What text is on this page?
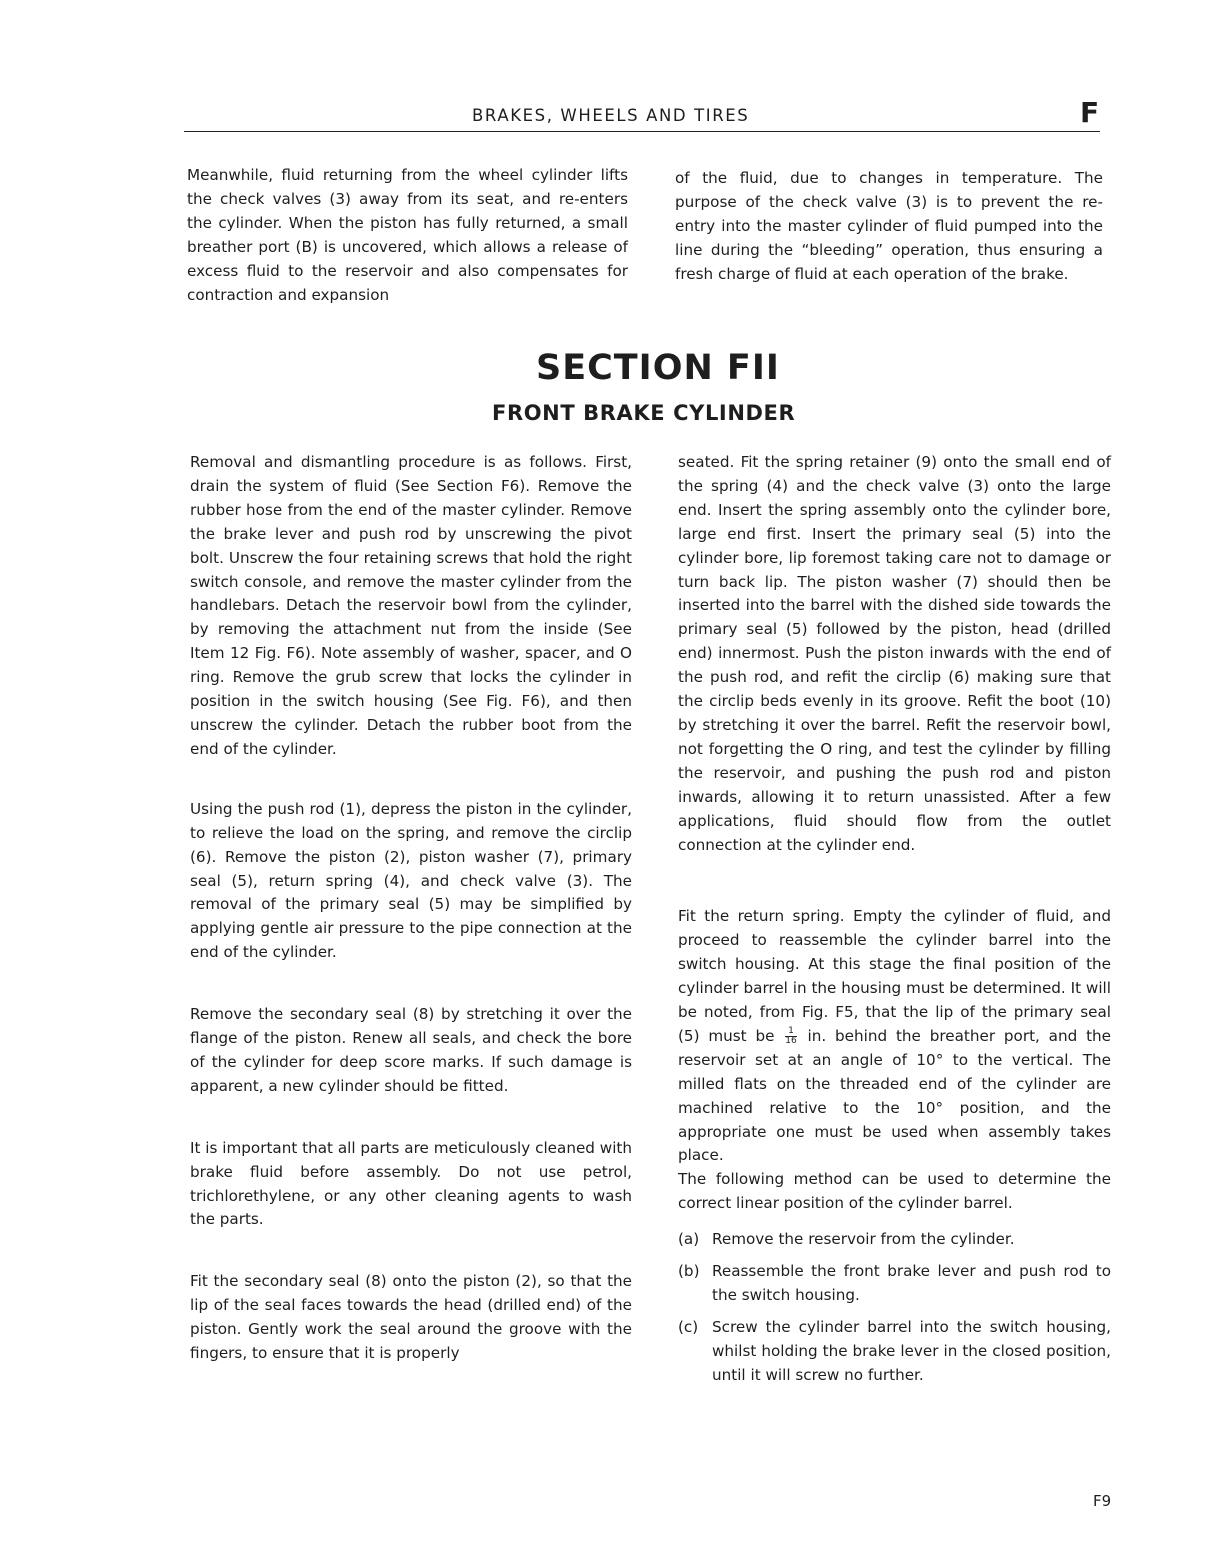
BRAKES, WHEELS AND TIRES	F

Meanwhile, fluid returning from the wheel cylinder lifts the check valves (3) away from its seat, and re-enters the cylinder. When the piston has fully returned, a small breather port (B) is uncovered, which allows a release of excess fluid to the reservoir and also compensates for contraction and expansion

of the fluid, due to changes in temperature. The purpose of the check valve (3) is to prevent the re-entry into the master cylinder of fluid pumped into the line during the “bleeding” operation, thus ensuring a fresh charge of fluid at each operation of the brake.

SECTION FII
FRONT BRAKE CYLINDER

Removal and dismantling procedure is as follows. First, drain the system of fluid (See Section F6). Remove the rubber hose from the end of the master cylinder. Remove the brake lever and push rod by unscrewing the pivot bolt. Unscrew the four retaining screws that hold the right switch console, and remove the master cylinder from the handlebars. Detach the reservoir bowl from the cylinder, by removing the attachment nut from the inside (See Item 12 Fig. F6). Note assembly of washer, spacer, and O ring. Remove the grub screw that locks the cylinder in position in the switch housing (See Fig. F6), and then unscrew the cylinder. Detach the rubber boot from the end of the cylinder.

Using the push rod (1), depress the piston in the cylinder, to relieve the load on the spring, and remove the circlip (6). Remove the piston (2), piston washer (7), primary seal (5), return spring (4), and check valve (3). The removal of the primary seal (5) may be simplified by applying gentle air pressure to the pipe connection at the end of the cylinder.

Remove the secondary seal (8) by stretching it over the flange of the piston. Renew all seals, and check the bore of the cylinder for deep score marks. If such damage is apparent, a new cylinder should be fitted.

It is important that all parts are meticulously cleaned with brake fluid before assembly. Do not use petrol, trichlorethylene, or any other cleaning agents to wash the parts.

Fit the secondary seal (8) onto the piston (2), so that the lip of the seal faces towards the head (drilled end) of the piston. Gently work the seal around the groove with the fingers, to ensure that it is properly

seated. Fit the spring retainer (9) onto the small end of the spring (4) and the check valve (3) onto the large end. Insert the spring assembly onto the cylinder bore, large end first. Insert the primary seal (5) into the cylinder bore, lip foremost taking care not to damage or turn back lip. The piston washer (7) should then be inserted into the barrel with the dished side towards the primary seal (5) followed by the piston, head (drilled end) innermost. Push the piston inwards with the end of the push rod, and refit the circlip (6) making sure that the circlip beds evenly in its groove. Refit the boot (10) by stretching it over the barrel. Refit the reservoir bowl, not forgetting the O ring, and test the cylinder by filling the reservoir, and pushing the push rod and piston inwards, allowing it to return unassisted. After a few applications, fluid should flow from the outlet connection at the cylinder end.

Fit the return spring. Empty the cylinder of fluid, and proceed to reassemble the cylinder barrel into the switch housing. At this stage the final position of the cylinder barrel in the housing must be determined. It will be noted, from Fig. F5, that the lip of the primary seal (5) must be $\frac{1}{16}$ in. behind the breather port, and the reservoir set at an angle of 10° to the vertical. The milled flats on the threaded end of the cylinder are machined relative to the 10° position, and the appropriate one must be used when assembly takes place.

The following method can be used to determine the correct linear position of the cylinder barrel.

(a) Remove the reservoir from the cylinder.
(b) Reassemble the front brake lever and push rod to the switch housing.
(c) Screw the cylinder barrel into the switch housing, whilst holding the brake lever in the closed position, until it will screw no further.
F9
